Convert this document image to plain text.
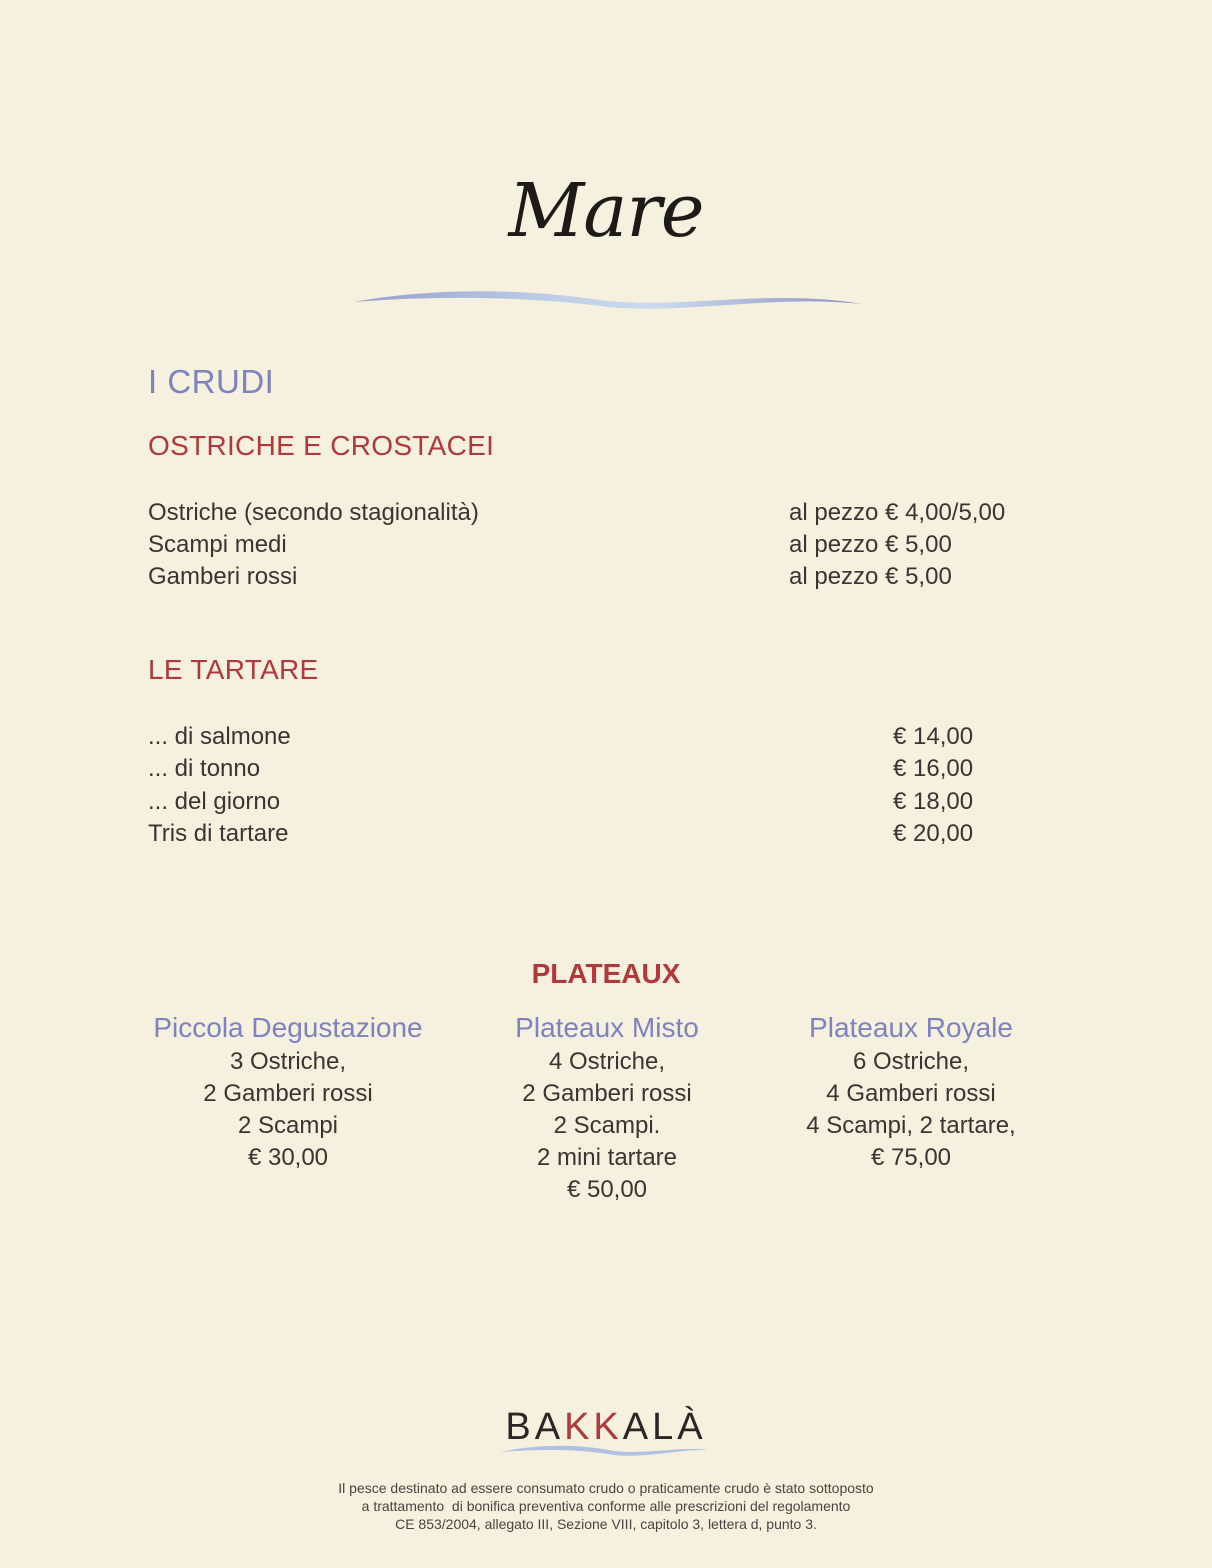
Mare
I CRUDI
OSTRICHE E CROSTACEI
Ostriche (secondo stagionalità)	al pezzo € 4,00/5,00
Scampi medi	al pezzo € 5,00
Gamberi rossi	al pezzo € 5,00
LE TARTARE
... di salmone	€ 14,00
... di tonno	€ 16,00
... del giorno	€ 18,00
Tris di tartare	€ 20,00
PLATEAUX
Piccola Degustazione
3 Ostriche,
2 Gamberi rossi
2 Scampi
€ 30,00
Plateaux Misto
4 Ostriche,
2 Gamberi rossi
2 Scampi.
2 mini tartare
€ 50,00
Plateaux Royale
6 Ostriche,
4 Gamberi rossi
4 Scampi, 2 tartare,
€ 75,00
BAKKALÀ
Il pesce destinato ad essere consumato crudo o praticamente crudo è stato sottoposto
a trattamento  di bonifica preventiva conforme alle prescrizioni del regolamento
CE 853/2004, allegato III, Sezione VIII, capitolo 3, lettera d, punto 3.
